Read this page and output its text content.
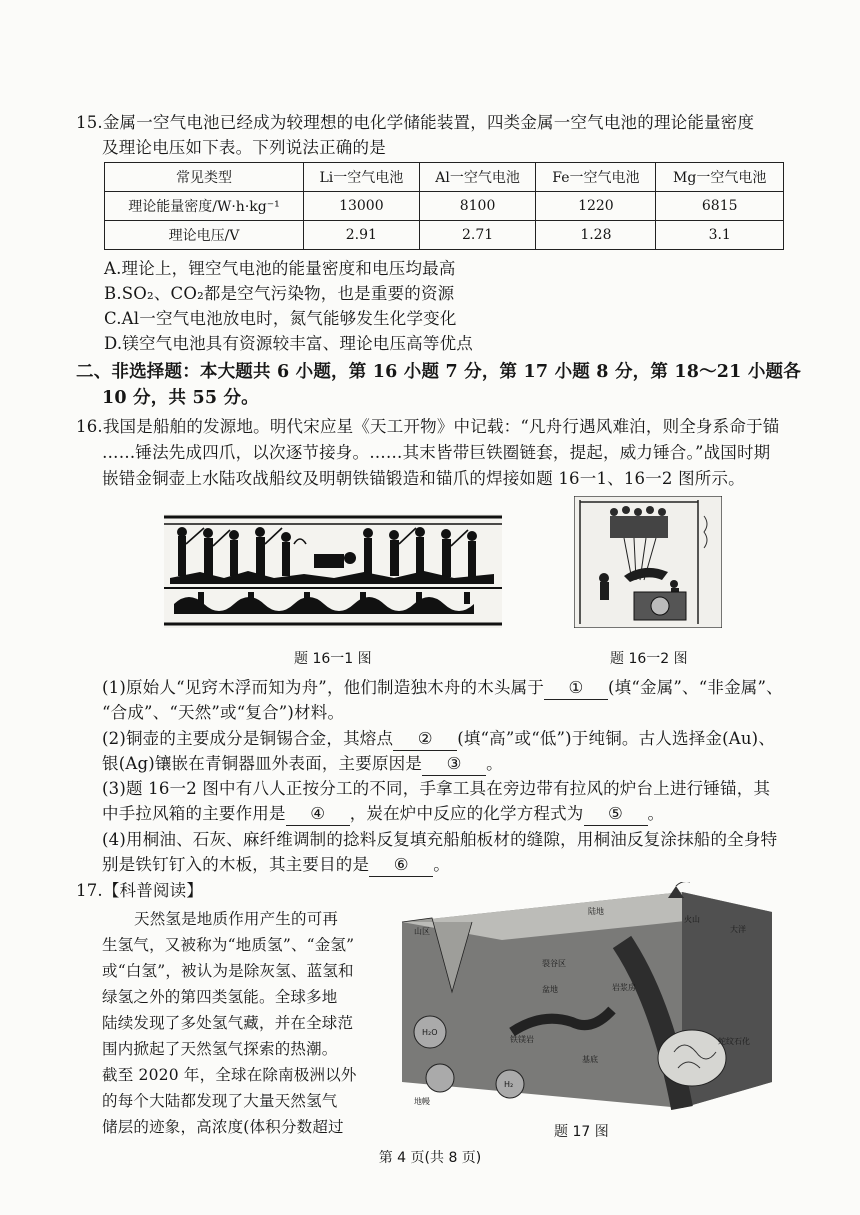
15.金属一空气电池已经成为较理想的电化学储能装置，四类金属一空气电池的理论能量密度
及理论电压如下表。下列说法正确的是
常见类型	Li一空气电池	Al一空气电池	Fe一空气电池	Mg一空气电池
理论能量密度/W·h·kg⁻¹	13000	8100	1220	6815
理论电压/V	2.91	2.71	1.28	3.1
A.理论上，锂空气电池的能量密度和电压均最高
B.SO₂、CO₂都是空气污染物，也是重要的资源
C.Al一空气电池放电时，氮气能够发生化学变化
D.镁空气电池具有资源较丰富、理论电压高等优点
二、非选择题：本大题共 6 小题，第 16 小题 7 分，第 17 小题 8 分，第 18～21 小题各
10 分，共 55 分。
16.我国是船舶的发源地。明代宋应星《天工开物》中记载：“凡舟行遇风难泊，则全身系命于锚
……锤法先成四爪，以次逐节接身。……其末皆带巨铁圈链套，提起，威力锤合。”战国时期
嵌错金铜壶上水陆攻战船纹及明朝铁锚锻造和锚爪的焊接如题 16一1、16一2 图所示。
题 16一1 图	题 16一2 图
(1)原始人“见窍木浮而知为舟”，他们制造独木舟的木头属于 ① (填“金属”、“非金属”、
“合成”、“天然”或“复合”)材料。
(2)铜壶的主要成分是铜锡合金，其熔点 ② (填“高”或“低”)于纯铜。古人选择金(Au)、
银(Ag)镶嵌在青铜器皿外表面，主要原因是 ③ 。
(3)题 16一2 图中有八人正按分工的不同，手拿工具在旁边带有拉风的炉台上进行锤锚，其
中手拉风箱的主要作用是 ④ ，炭在炉中反应的化学方程式为 ⑤ 。
(4)用桐油、石灰、麻纤维调制的捻料反复填充船舶板材的缝隙，用桐油反复涂抹船的全身特
别是铁钉钉入的木板，其主要目的是 ⑥ 。
17.【科普阅读】
天然氢是地质作用产生的可再
生氢气，又被称为“地质氢”、“金氢”
或“白氢”，被认为是除灰氢、蓝氢和
绿氢之外的第四类氢能。全球多地
陆续发现了多处氢气藏，并在全球范
围内掀起了天然氢气探索的热潮。
截至 2020 年，全球在除南极洲以外
的每个大陆都发现了大量天然氢气
储层的迹象，高浓度(体积分数超过
山区
陆地
火山
大洋
裂谷区
盆地	岩浆房
铁镁岩
基底
蛇纹石化
地幔
H₂O
H₂
题 17 图
第 4 页(共 8 页)
